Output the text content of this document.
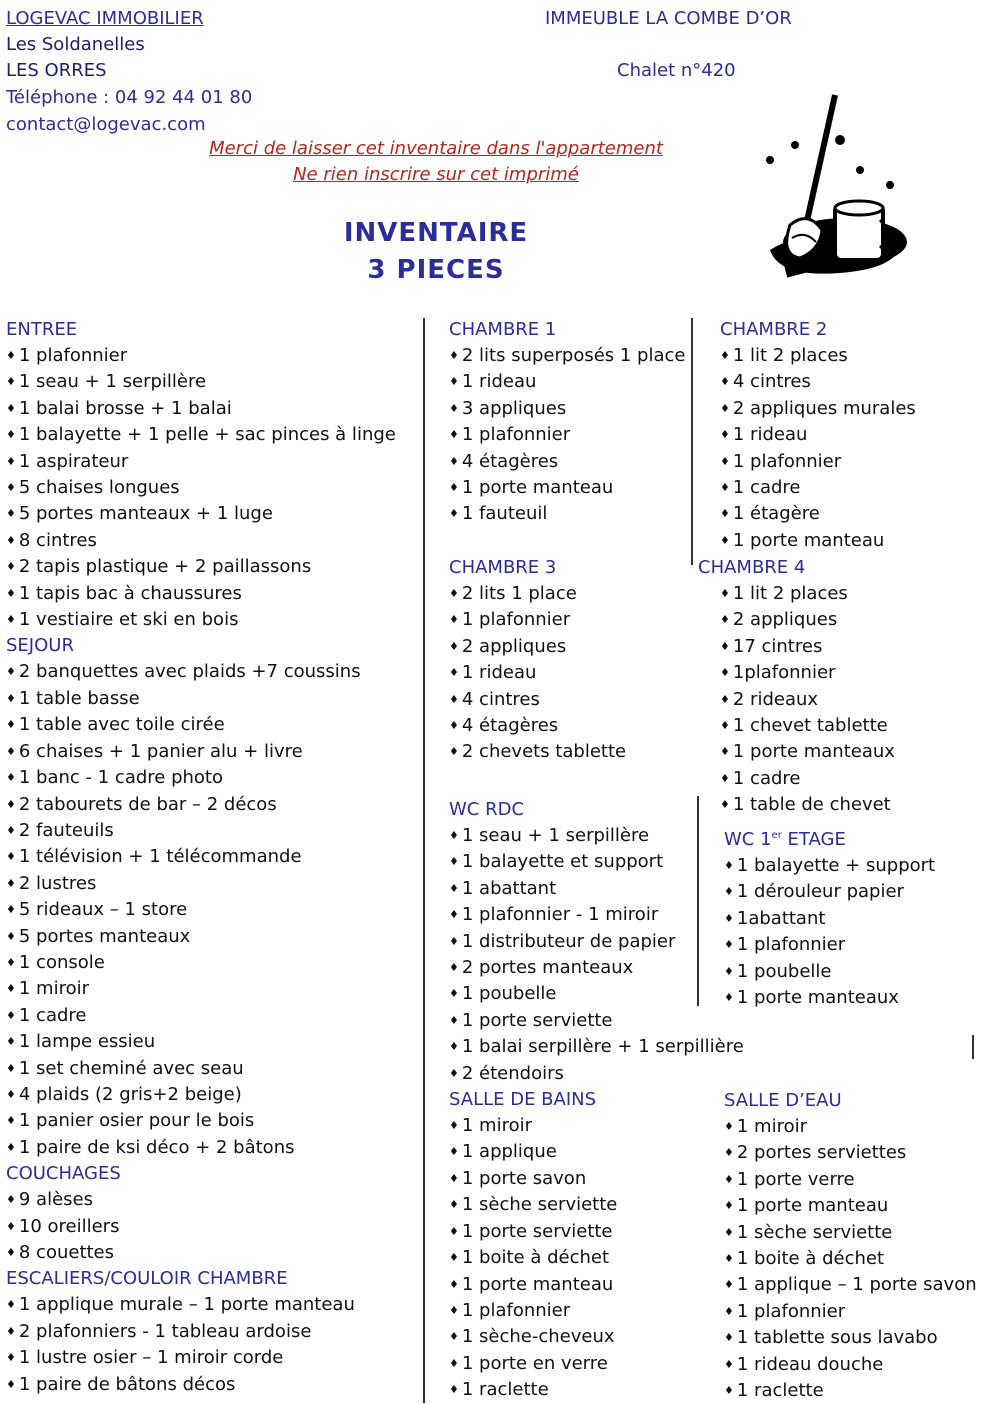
LOGEVAC IMMOBILIER
Les Soldanelles
LES ORRES
Téléphone : 04 92 44 01 80
contact@logevac.com
IMMEUBLE LA COMBE D’OR
Chalet n°420
Merci de laisser cet inventaire dans l'appartement
Ne rien inscrire sur cet imprimé
INVENTAIRE
3 PIECES
ENTREE
♦ 1 plafonnier
♦ 1 seau + 1 serpillère
♦ 1 balai brosse + 1 balai
♦ 1 balayette + 1 pelle + sac pinces à linge
♦ 1 aspirateur
♦ 5 chaises longues
♦ 5 portes manteaux + 1 luge
♦ 8 cintres
♦ 2 tapis plastique + 2 paillassons
♦ 1 tapis bac à chaussures
♦ 1 vestiaire et ski en bois
SEJOUR
♦ 2 banquettes avec plaids +7 coussins
♦ 1 table basse
♦ 1 table avec toile cirée
♦ 6 chaises + 1 panier alu + livre
♦ 1 banc - 1 cadre photo
♦ 2 tabourets de bar – 2 décos
♦ 2 fauteuils
♦ 1 télévision + 1 télécommande
♦ 2 lustres
♦ 5 rideaux – 1 store
♦ 5 portes manteaux
♦ 1 console
♦ 1 miroir
♦ 1 cadre
♦ 1 lampe essieu
♦ 1 set cheminé avec seau
♦ 4 plaids (2 gris+2 beige)
♦ 1 panier osier pour le bois
♦ 1 paire de ksi déco + 2 bâtons
COUCHAGES
♦ 9 alèses
♦ 10 oreillers
♦ 8 couettes
ESCALIERS/COULOIR CHAMBRE
♦ 1 applique murale – 1 porte manteau
♦ 2 plafonniers - 1 tableau ardoise
♦ 1 lustre osier – 1 miroir corde
♦ 1 paire de bâtons décos
CHAMBRE 1
♦ 2 lits superposés 1 place
♦ 1 rideau
♦ 3 appliques
♦ 1 plafonnier
♦ 4 étagères
♦ 1 porte manteau
♦ 1 fauteuil
CHAMBRE 3
♦ 2 lits 1 place
♦ 1 plafonnier
♦ 2 appliques
♦ 1 rideau
♦ 4 cintres
♦ 4 étagères
♦ 2 chevets tablette
WC RDC
♦ 1 seau + 1 serpillère
♦ 1 balayette et support
♦ 1 abattant
♦ 1 plafonnier - 1 miroir
♦ 1 distributeur de papier
♦ 2 portes manteaux
♦ 1 poubelle
♦ 1 porte serviette
♦ 1 balai serpillère + 1 serpillière
♦ 2 étendoirs
SALLE DE BAINS
♦ 1 miroir
♦ 1 applique
♦ 1 porte savon
♦ 1 sèche serviette
♦ 1 porte serviette
♦ 1 boite à déchet
♦ 1 porte manteau
♦ 1 plafonnier
♦ 1 sèche-cheveux
♦ 1 porte en verre
♦ 1 raclette
CHAMBRE 2
♦ 1 lit 2 places
♦ 4 cintres
♦ 2 appliques murales
♦ 1 rideau
♦ 1 plafonnier
♦ 1 cadre
♦ 1 étagère
♦ 1 porte manteau
CHAMBRE 4
♦ 1 lit 2 places
♦ 2 appliques
♦ 17 cintres
♦ 1plafonnier
♦ 2 rideaux
♦ 1 chevet tablette
♦ 1 porte manteaux
♦ 1 cadre
♦ 1 table de chevet
WC 1er ETAGE
♦ 1 balayette + support
♦ 1 dérouleur papier
♦ 1abattant
♦ 1 plafonnier
♦ 1 poubelle
♦ 1 porte manteaux
SALLE D’EAU
♦ 1 miroir
♦ 2 portes serviettes
♦ 1 porte verre
♦ 1 porte manteau
♦ 1 sèche serviette
♦ 1 boite à déchet
♦ 1 applique – 1 porte savon
♦ 1 plafonnier
♦ 1 tablette sous lavabo
♦ 1 rideau douche
♦ 1 raclette
